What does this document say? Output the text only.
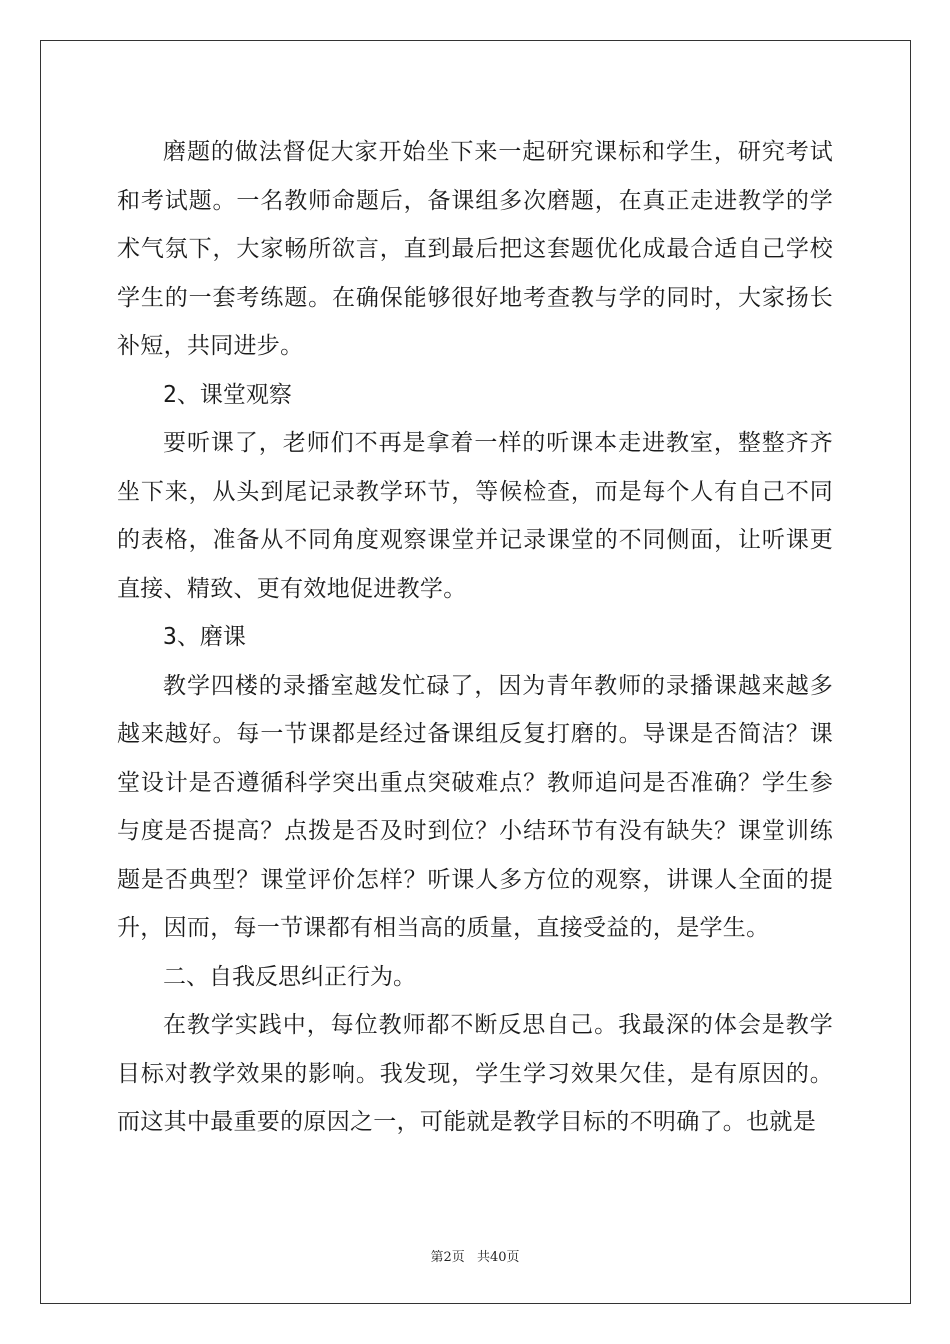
磨题的做法督促大家开始坐下来一起研究课标和学生，研究考试和考试题。一名教师命题后，备课组多次磨题，在真正走进教学的学术气氛下，大家畅所欲言，直到最后把这套题优化成最合适自己学校学生的一套考练题。在确保能够很好地考查教与学的同时，大家扬长补短，共同进步。

2、课堂观察

要听课了，老师们不再是拿着一样的听课本走进教室，整整齐齐坐下来，从头到尾记录教学环节，等候检查，而是每个人有自己不同的表格，准备从不同角度观察课堂并记录课堂的不同侧面，让听课更直接、精致、更有效地促进教学。

3、磨课

教学四楼的录播室越发忙碌了，因为青年教师的录播课越来越多越来越好。每一节课都是经过备课组反复打磨的。导课是否简洁？课堂设计是否遵循科学突出重点突破难点？教师追问是否准确？学生参与度是否提高？点拨是否及时到位？小结环节有没有缺失？课堂训练题是否典型？课堂评价怎样？听课人多方位的观察，讲课人全面的提升，因而，每一节课都有相当高的质量，直接受益的，是学生。

二、自我反思纠正行为。

在教学实践中，每位教师都不断反思自己。我最深的体会是教学目标对教学效果的影响。我发现，学生学习效果欠佳，是有原因的。而这其中最重要的原因之一，可能就是教学目标的不明确了。也就是

第2页 共40页
